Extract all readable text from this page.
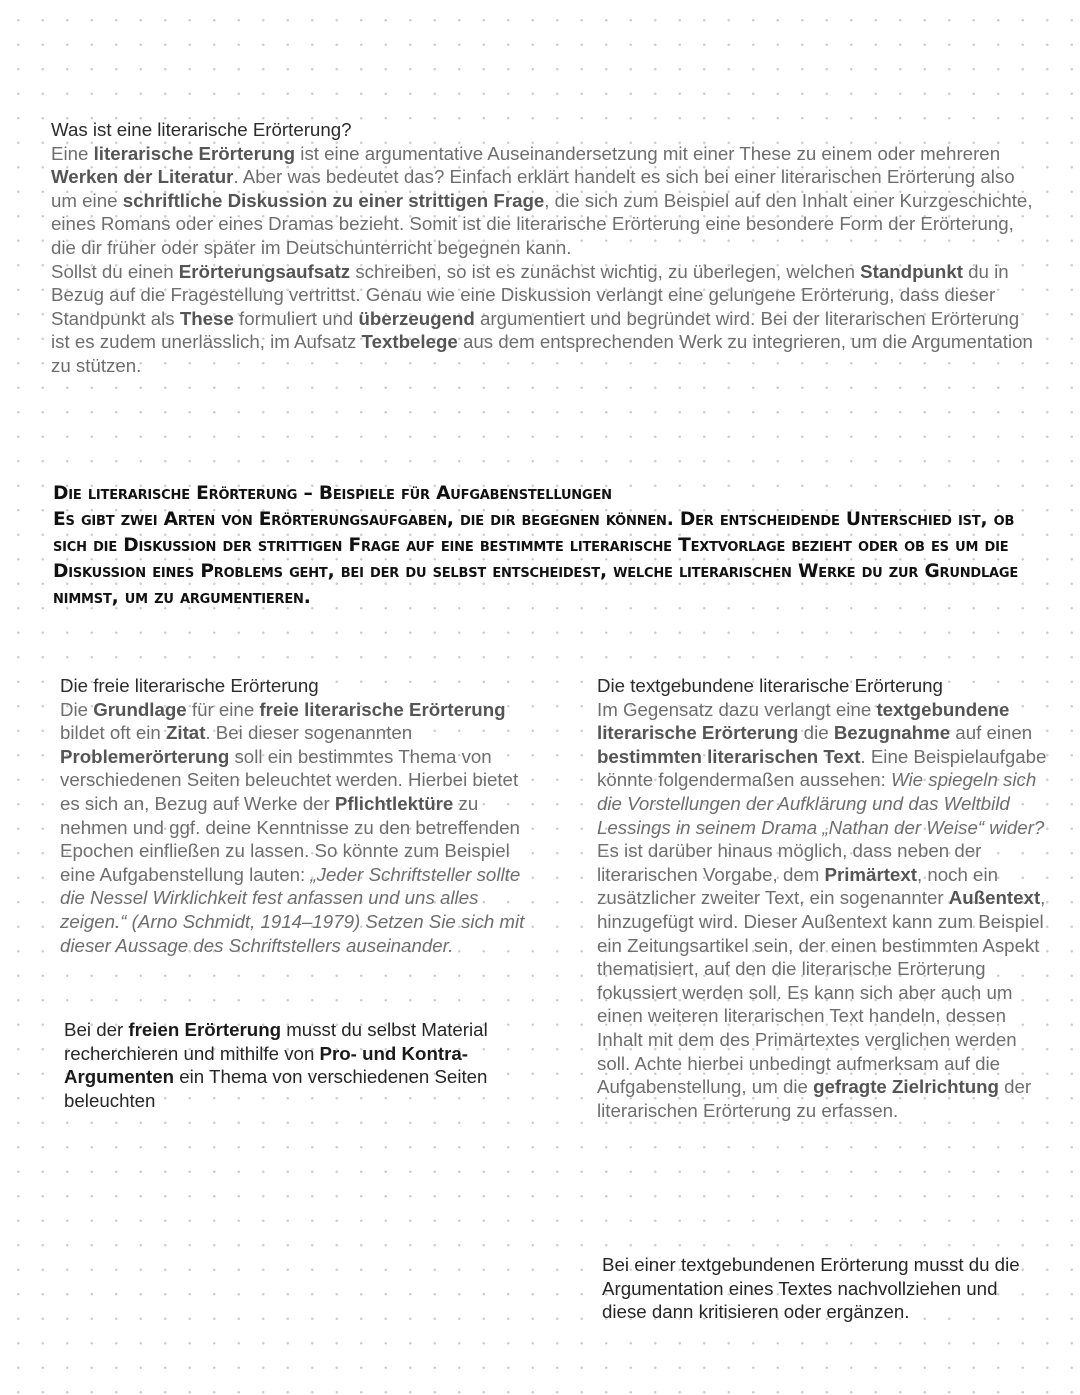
Was ist eine literarische Erörterung?

Eine literarische Erörterung ist eine argumentative Auseinandersetzung mit einer These zu einem oder mehreren Werken der Literatur. Aber was bedeutet das? Einfach erklärt handelt es sich bei einer literarischen Erörterung also um eine schriftliche Diskussion zu einer strittigen Frage, die sich zum Beispiel auf den Inhalt einer Kurzgeschichte, eines Romans oder eines Dramas bezieht. Somit ist die literarische Erörterung eine besondere Form der Erörterung, die dir früher oder später im Deutschunterricht begegnen kann.

Sollst du einen Erörterungsaufsatz schreiben, so ist es zunächst wichtig, zu überlegen, welchen Standpunkt du in Bezug auf die Fragestellung vertrittst. Genau wie eine Diskussion verlangt eine gelungene Erörterung, dass dieser Standpunkt als These formuliert und überzeugend argumentiert und begründet wird. Bei der literarischen Erörterung ist es zudem unerlässlich, im Aufsatz Textbelege aus dem entsprechenden Werk zu integrieren, um die Argumentation zu stützen.

Die literarische Erörterung – Beispiele für Aufgabenstellungen

Es gibt zwei Arten von Erörterungsaufgaben, die dir begegnen können. Der entscheidende Unterschied ist, ob sich die Diskussion der strittigen Frage auf eine bestimmte literarische Textvorlage bezieht oder ob es um die Diskussion eines Problems geht, bei der du selbst entscheidest, welche literarischen Werke du zur Grundlage nimmst, um zu argumentieren.

Die freie literarische Erörterung

Die Grundlage für eine freie literarische Erörterung bildet oft ein Zitat. Bei dieser sogenannten Problemerörterung soll ein bestimmtes Thema von verschiedenen Seiten beleuchtet werden. Hierbei bietet es sich an, Bezug auf Werke der Pflichtlektüre zu nehmen und ggf. deine Kenntnisse zu den betreffenden Epochen einfließen zu lassen. So könnte zum Beispiel eine Aufgabenstellung lauten: „Jeder Schriftsteller sollte die Nessel Wirklichkeit fest anfassen und uns alles zeigen.“ (Arno Schmidt, 1914–1979) Setzen Sie sich mit dieser Aussage des Schriftstellers auseinander.

Bei der freien Erörterung musst du selbst Material recherchieren und mithilfe von Pro- und Kontra-Argumenten ein Thema von verschiedenen Seiten beleuchten

Die textgebundene literarische Erörterung

Im Gegensatz dazu verlangt eine textgebundene literarische Erörterung die Bezugnahme auf einen bestimmten literarischen Text. Eine Beispielaufgabe könnte folgendermaßen aussehen: Wie spiegeln sich die Vorstellungen der Aufklärung und das Weltbild Lessings in seinem Drama „Nathan der Weise“ wider? Es ist darüber hinaus möglich, dass neben der literarischen Vorgabe, dem Primärtext, noch ein zusätzlicher zweiter Text, ein sogenannter Außentext, hinzugefügt wird. Dieser Außentext kann zum Beispiel ein Zeitungsartikel sein, der einen bestimmten Aspekt thematisiert, auf den die literarische Erörterung fokussiert werden soll. Es kann sich aber auch um einen weiteren literarischen Text handeln, dessen Inhalt mit dem des Primärtextes verglichen werden soll. Achte hierbei unbedingt aufmerksam auf die Aufgabenstellung, um die gefragte Zielrichtung der literarischen Erörterung zu erfassen.

Bei einer textgebundenen Erörterung musst du die Argumentation eines Textes nachvollziehen und diese dann kritisieren oder ergänzen.
